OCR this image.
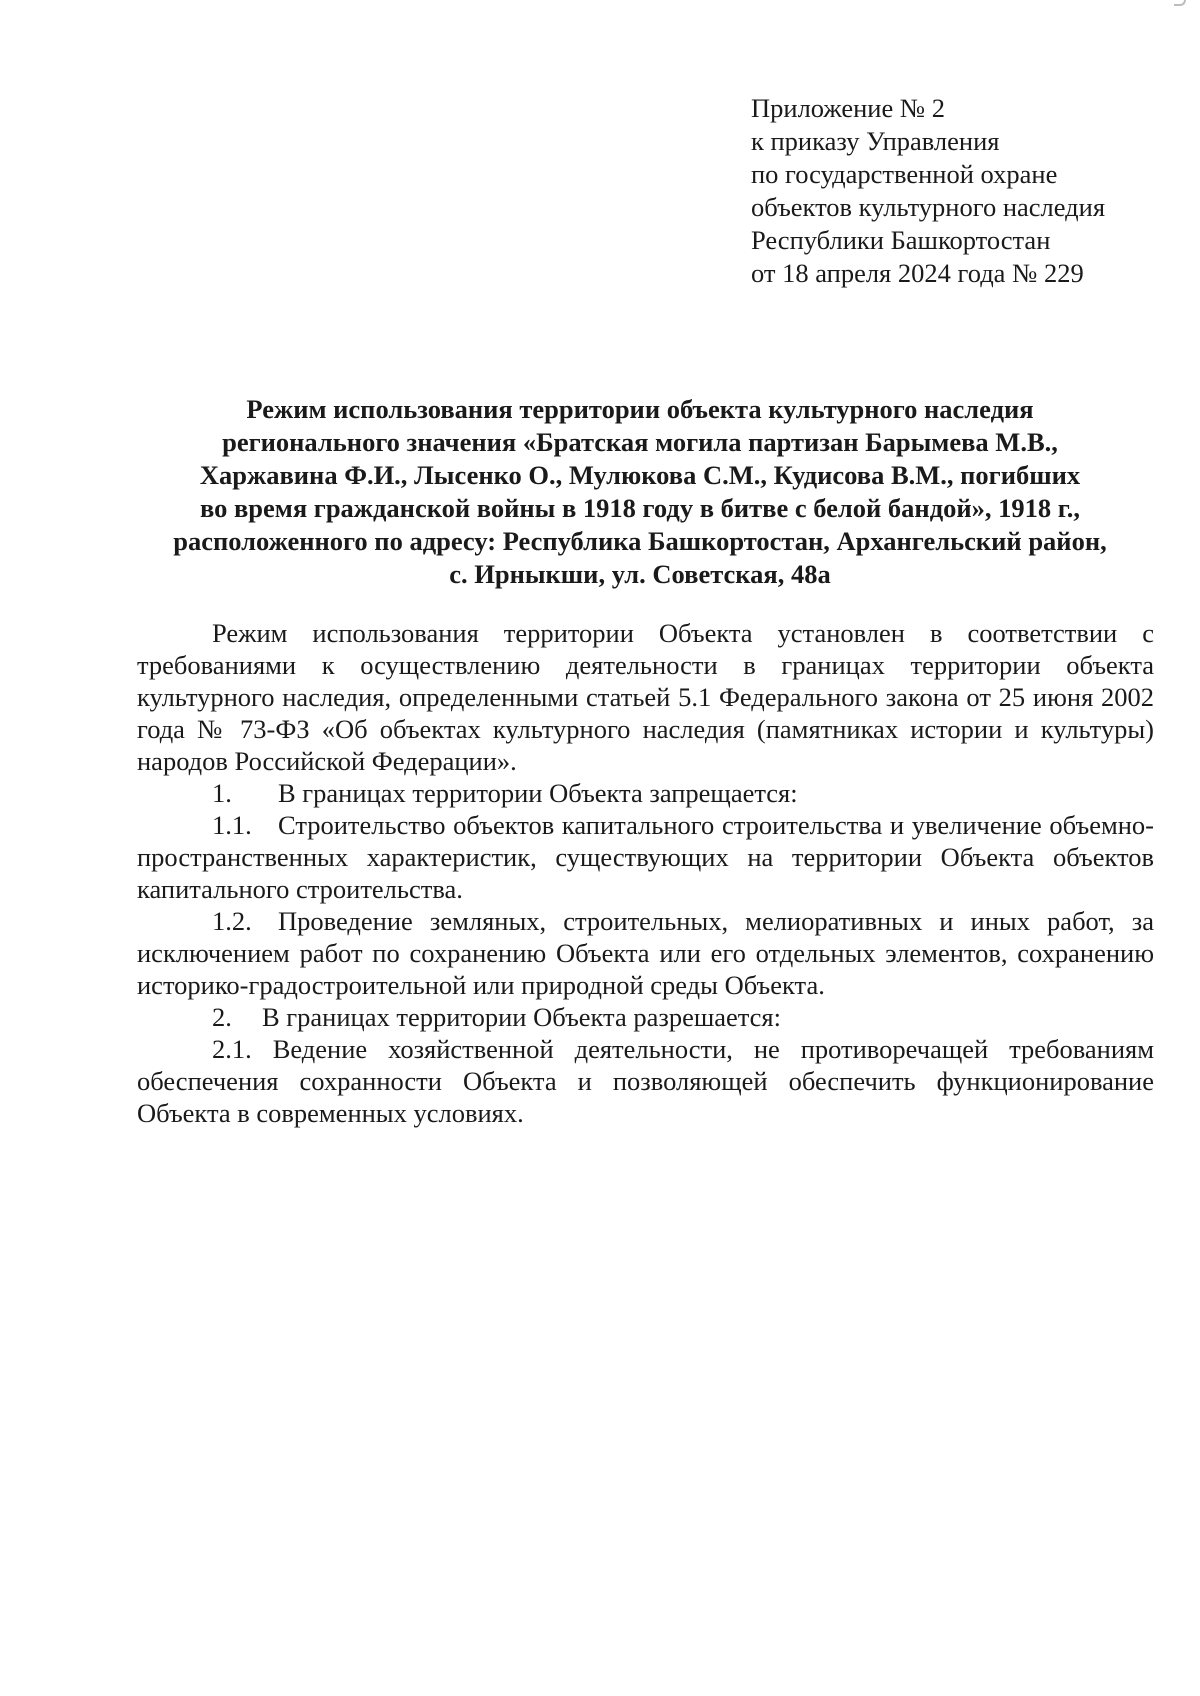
Приложение № 2
к приказу Управления
по государственной охране
объектов культурного наследия
Республики Башкортостан
от 18 апреля 2024 года № 229
Режим использования территории объекта культурного наследия
регионального значения «Братская могила партизан Барымева М.В.,
Харжавина Ф.И., Лысенко О., Мулюкова С.М., Кудисова В.М., погибших
во время гражданской войны в 1918 году в битве с белой бандой», 1918 г.,
расположенного по адресу: Республика Башкортостан, Архангельский район,
с. Ирныкши, ул. Советская, 48а

Режим использования территории Объекта установлен в соответствии с требованиями к осуществлению деятельности в границах территории объекта культурного наследия, определенными статьей 5.1 Федерального закона от 25 июня 2002 года № 73-ФЗ «Об объектах культурного наследия (памятниках истории и культуры) народов Российской Федерации».

1. В границах территории Объекта запрещается:

1.1. Строительство объектов капитального строительства и увеличение объемно-пространственных характеристик, существующих на территории Объекта объектов капитального строительства.

1.2. Проведение земляных, строительных, мелиоративных и иных работ, за исключением работ по сохранению Объекта или его отдельных элементов, сохранению историко-градостроительной или природной среды Объекта.

2. В границах территории Объекта разрешается:

2.1. Ведение хозяйственной деятельности, не противоречащей требованиям обеспечения сохранности Объекта и позволяющей обеспечить функционирование Объекта в современных условиях.
